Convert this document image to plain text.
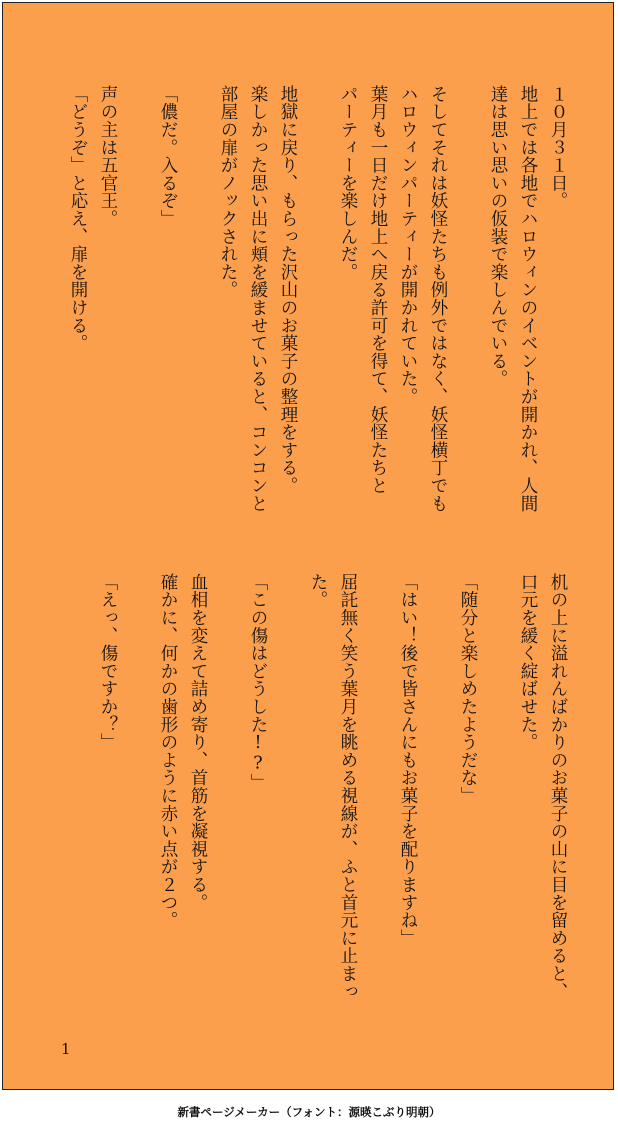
１０月３１日。
地上では各地でハロウィンのイベントが開かれ、人間
達は思い思いの仮装で楽しんでいる。
そしてそれは妖怪たちも例外ではなく、妖怪横丁でも
ハロウィンパーティーが開かれていた。
葉月も一日だけ地上へ戻る許可を得て、妖怪たちと
パーティーを楽しんだ。
地獄に戻り、もらった沢山のお菓子の整理をする。
楽しかった思い出に頬を緩ませていると、コンコンと
部屋の扉がノックされた。
「儂だ。入るぞ」
声の主は五官王。
「どうぞ」と応え、扉を開ける。
机の上に溢れんばかりのお菓子の山に目を留めると、
口元を緩く綻ばせた。
「随分と楽しめたようだな」
「はい！後で皆さんにもお菓子を配りますね」
屈託無く笑う葉月を眺める視線が、ふと首元に止まっ
た。
「この傷はどうした!?」
血相を変えて詰め寄り、首筋を凝視する。
確かに、何かの歯形のように赤い点が２つ。
「えっ、傷ですか？」
1
新書ページメーカー（フォント：源暎こぶり明朝）
